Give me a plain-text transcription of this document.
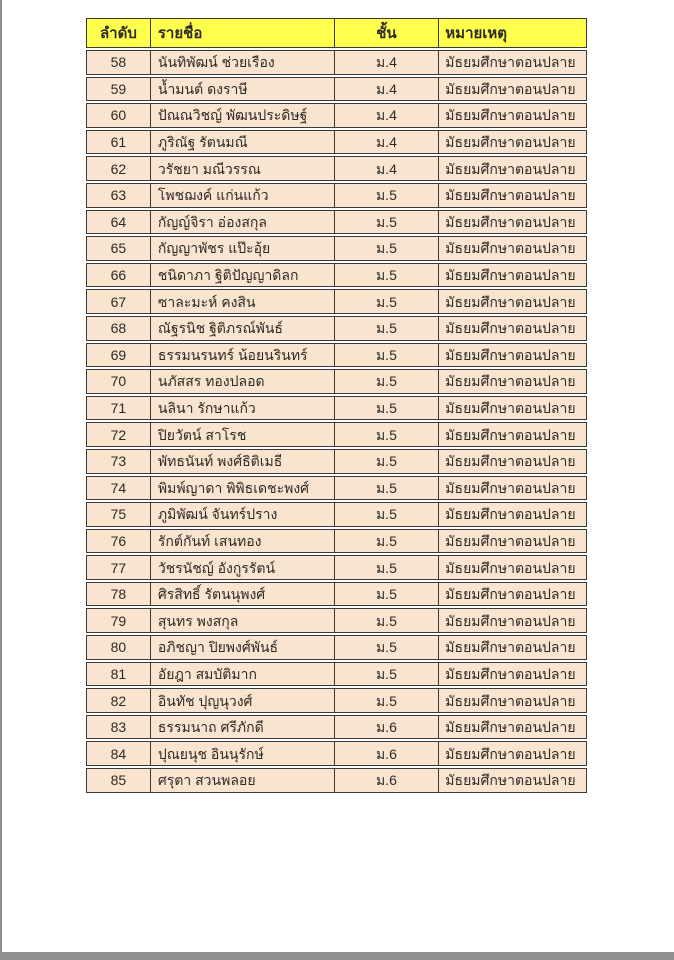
ลำดับ	รายชื่อ	ชั้น	หมายเหตุ
58	นันทิพัฒน์ ช่วยเรือง	ม.4	มัธยมศึกษาตอนปลาย
59	น้ำมนต์ ดงราษี	ม.4	มัธยมศึกษาตอนปลาย
60	ปัณณวิชญ์ พัฒนประดิษฐ์	ม.4	มัธยมศึกษาตอนปลาย
61	ภูริณัฐ รัตนมณี	ม.4	มัธยมศึกษาตอนปลาย
62	วรัชยา มณีวรรณ	ม.4	มัธยมศึกษาตอนปลาย
63	โพชฌงค์ แก่นแก้ว	ม.5	มัธยมศึกษาตอนปลาย
64	กัญญ์จิรา อ่องสกุล	ม.5	มัธยมศึกษาตอนปลาย
65	กัญญาพัชร แป๊ะอุ้ย	ม.5	มัธยมศึกษาตอนปลาย
66	ชนิดาภา ฐิติปัญญาดิลก	ม.5	มัธยมศึกษาตอนปลาย
67	ซาละมะห์ คงสิน	ม.5	มัธยมศึกษาตอนปลาย
68	ณัฐรนิช ฐิติภรณ์พันธ์	ม.5	มัธยมศึกษาตอนปลาย
69	ธรรมนรนทร์ น้อยนรินทร์	ม.5	มัธยมศึกษาตอนปลาย
70	นภัสสร ทองปลอด	ม.5	มัธยมศึกษาตอนปลาย
71	นลินา รักษาแก้ว	ม.5	มัธยมศึกษาตอนปลาย
72	ปิยวัตน์ สาโรช	ม.5	มัธยมศึกษาตอนปลาย
73	พัทธนันท์ พงศ์ธิติเมธี	ม.5	มัธยมศึกษาตอนปลาย
74	พิมพ์ญาดา พิพิธเดชะพงศ์	ม.5	มัธยมศึกษาตอนปลาย
75	ภูมิพัฒน์ จันทร์ปราง	ม.5	มัธยมศึกษาตอนปลาย
76	รักต์กันท์ เสนทอง	ม.5	มัธยมศึกษาตอนปลาย
77	วัชรนัชญ์ อังกูรรัตน์	ม.5	มัธยมศึกษาตอนปลาย
78	ศิรสิทธิ์ รัตนนุพงศ์	ม.5	มัธยมศึกษาตอนปลาย
79	สุนทร พงสกุล	ม.5	มัธยมศึกษาตอนปลาย
80	อภิชญา ปิยพงศ์พันธ์	ม.5	มัธยมศึกษาตอนปลาย
81	อัยฎา สมบัติมาก	ม.5	มัธยมศึกษาตอนปลาย
82	อินทัช ปุญนุวงศ์	ม.5	มัธยมศึกษาตอนปลาย
83	ธรรมนาถ ศรีภักดี	ม.6	มัธยมศึกษาตอนปลาย
84	ปุณยนุช อินนุรักษ์	ม.6	มัธยมศึกษาตอนปลาย
85	ศรุตา สวนพลอย	ม.6	มัธยมศึกษาตอนปลาย
